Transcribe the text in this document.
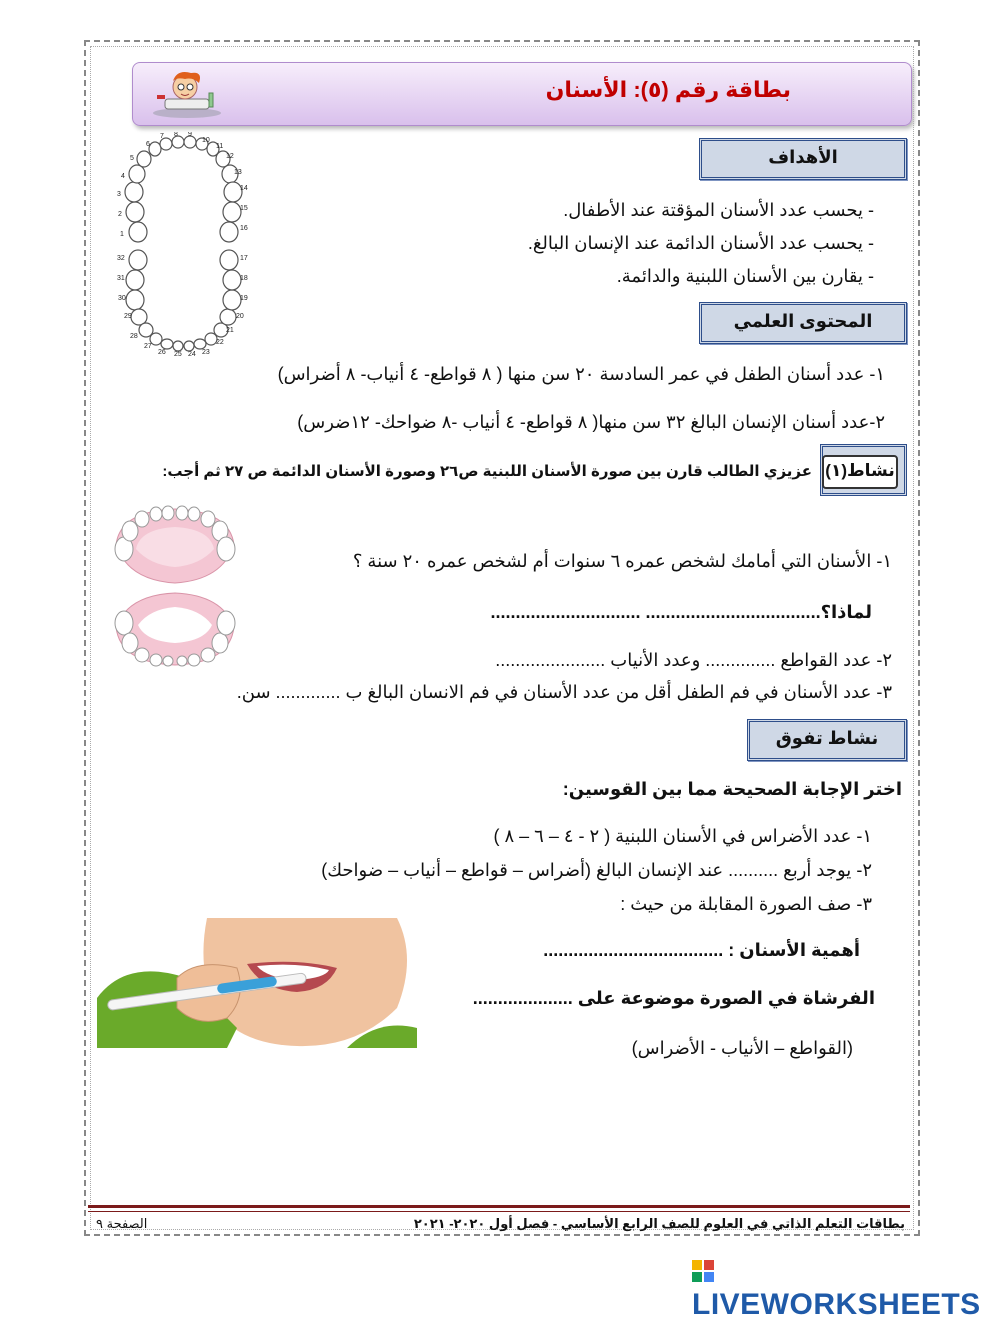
بطاقة رقم (٥): الأسنان
1
2
3
4
5
6
7 8 9
10
11
12
13
14
15
16
17
18
19
20
21
22
23
24
25
26
27
28
29
30
31
32
الأهداف
- يحسب عدد الأسنان المؤقتة عند الأطفال.
- يحسب عدد الأسنان الدائمة عند الإنسان البالغ.
- يقارن بين الأسنان اللبنية والدائمة.
المحتوى العلمي
١- عدد أسنان الطفل في عمر السادسة ٢٠ سن منها ( ٨ قواطع- ٤ أنياب- ٨ أضراس)
٢-عدد أسنان الإنسان البالغ ٣٢ سن منها( ٨ قواطع- ٤ أنياب -٨ ضواحك- ١٢ضرس)
نشاط(١)
عزيزي الطالب قارن بين صورة الأسنان اللبنية ص٢٦ وصورة الأسنان الدائمة ص ٢٧ ثم أجب:
١- الأسنان التي أمامك لشخص عمره ٦ سنوات أم لشخص عمره ٢٠ سنة ؟
لماذا؟................................... ..............................
٢- عدد القواطع .............. وعدد الأنياب ......................
٣- عدد الأسنان في فم الطفل أقل من عدد الأسنان في فم الانسان البالغ ب ............. سن.
نشاط تفوق
اختر الإجابة الصحيحة مما بين القوسين:
١- عدد الأضراس في الأسنان اللبنية ( ٢ - ٤ – ٦ – ٨ )
٢- يوجد أربع .......... عند الإنسان البالغ (أضراس – قواطع – أنياب – ضواحك)
٣- صف الصورة المقابلة من حيث :
أهمية الأسنان : ....................................
الفرشاة في الصورة موضوعة على ....................
(القواطع – الأنياب - الأضراس)
بطاقات التعلم الذاتي في العلوم للصف الرابع الأساسي - فصل أول ٢٠٢٠- ٢٠٢١
الصفحة ٩
LIVEWORKSHEETS
